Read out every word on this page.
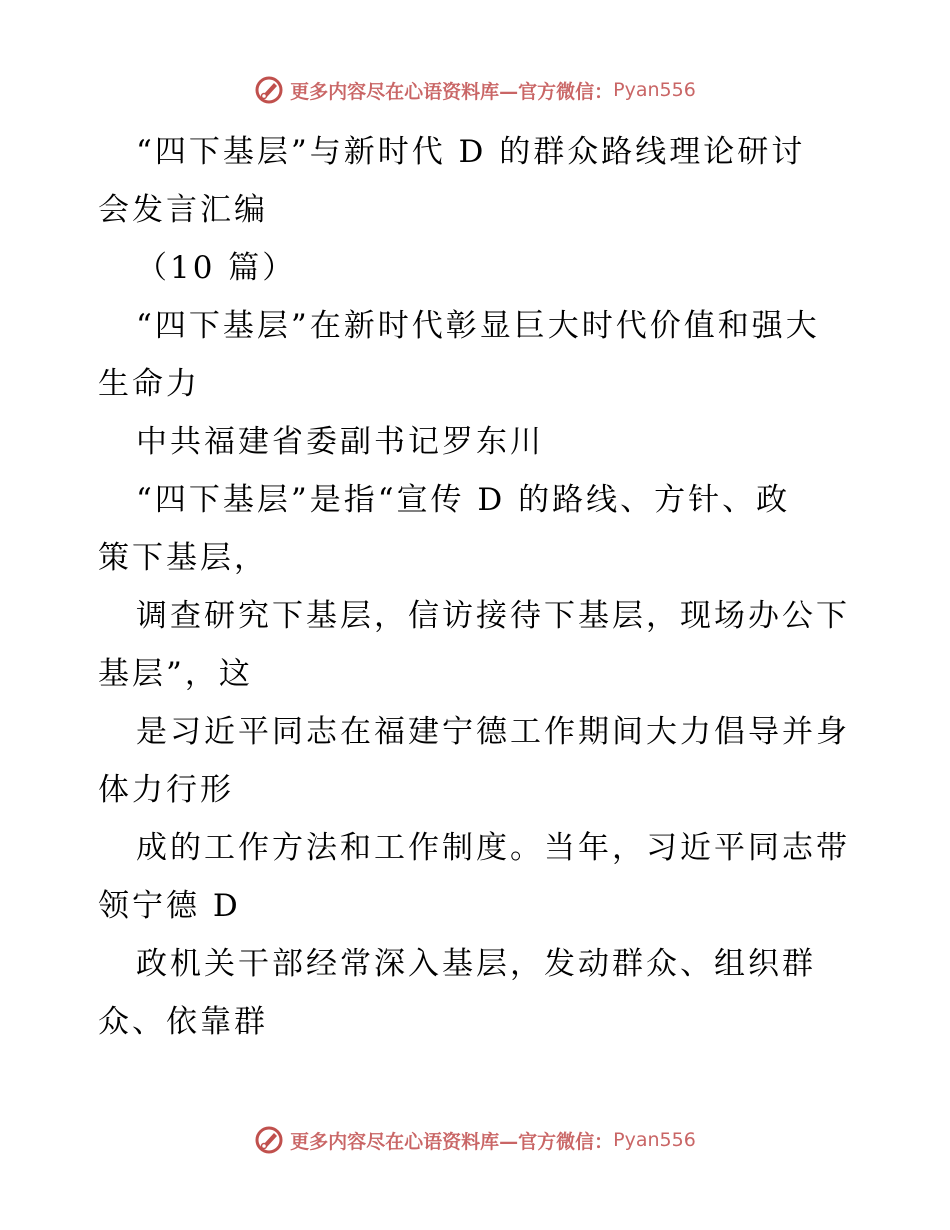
更多内容尽在心语资料库—官方微信： Pyan556
“四下基层”与新时代 D 的群众路线理论研讨
会发言汇编
（10 篇）
“四下基层”在新时代彰显巨大时代价值和强大
生命力
中共福建省委副书记罗东川
“四下基层”是指“宣传 D 的路线、方针、政
策下基层，
调查研究下基层，信访接待下基层，现场办公下
基层”，这
是习近平同志在福建宁德工作期间大力倡导并身
体力行形
成的工作方法和工作制度。当年，习近平同志带
领宁德 D
政机关干部经常深入基层，发动群众、组织群
众、依靠群
更多内容尽在心语资料库—官方微信： Pyan556
